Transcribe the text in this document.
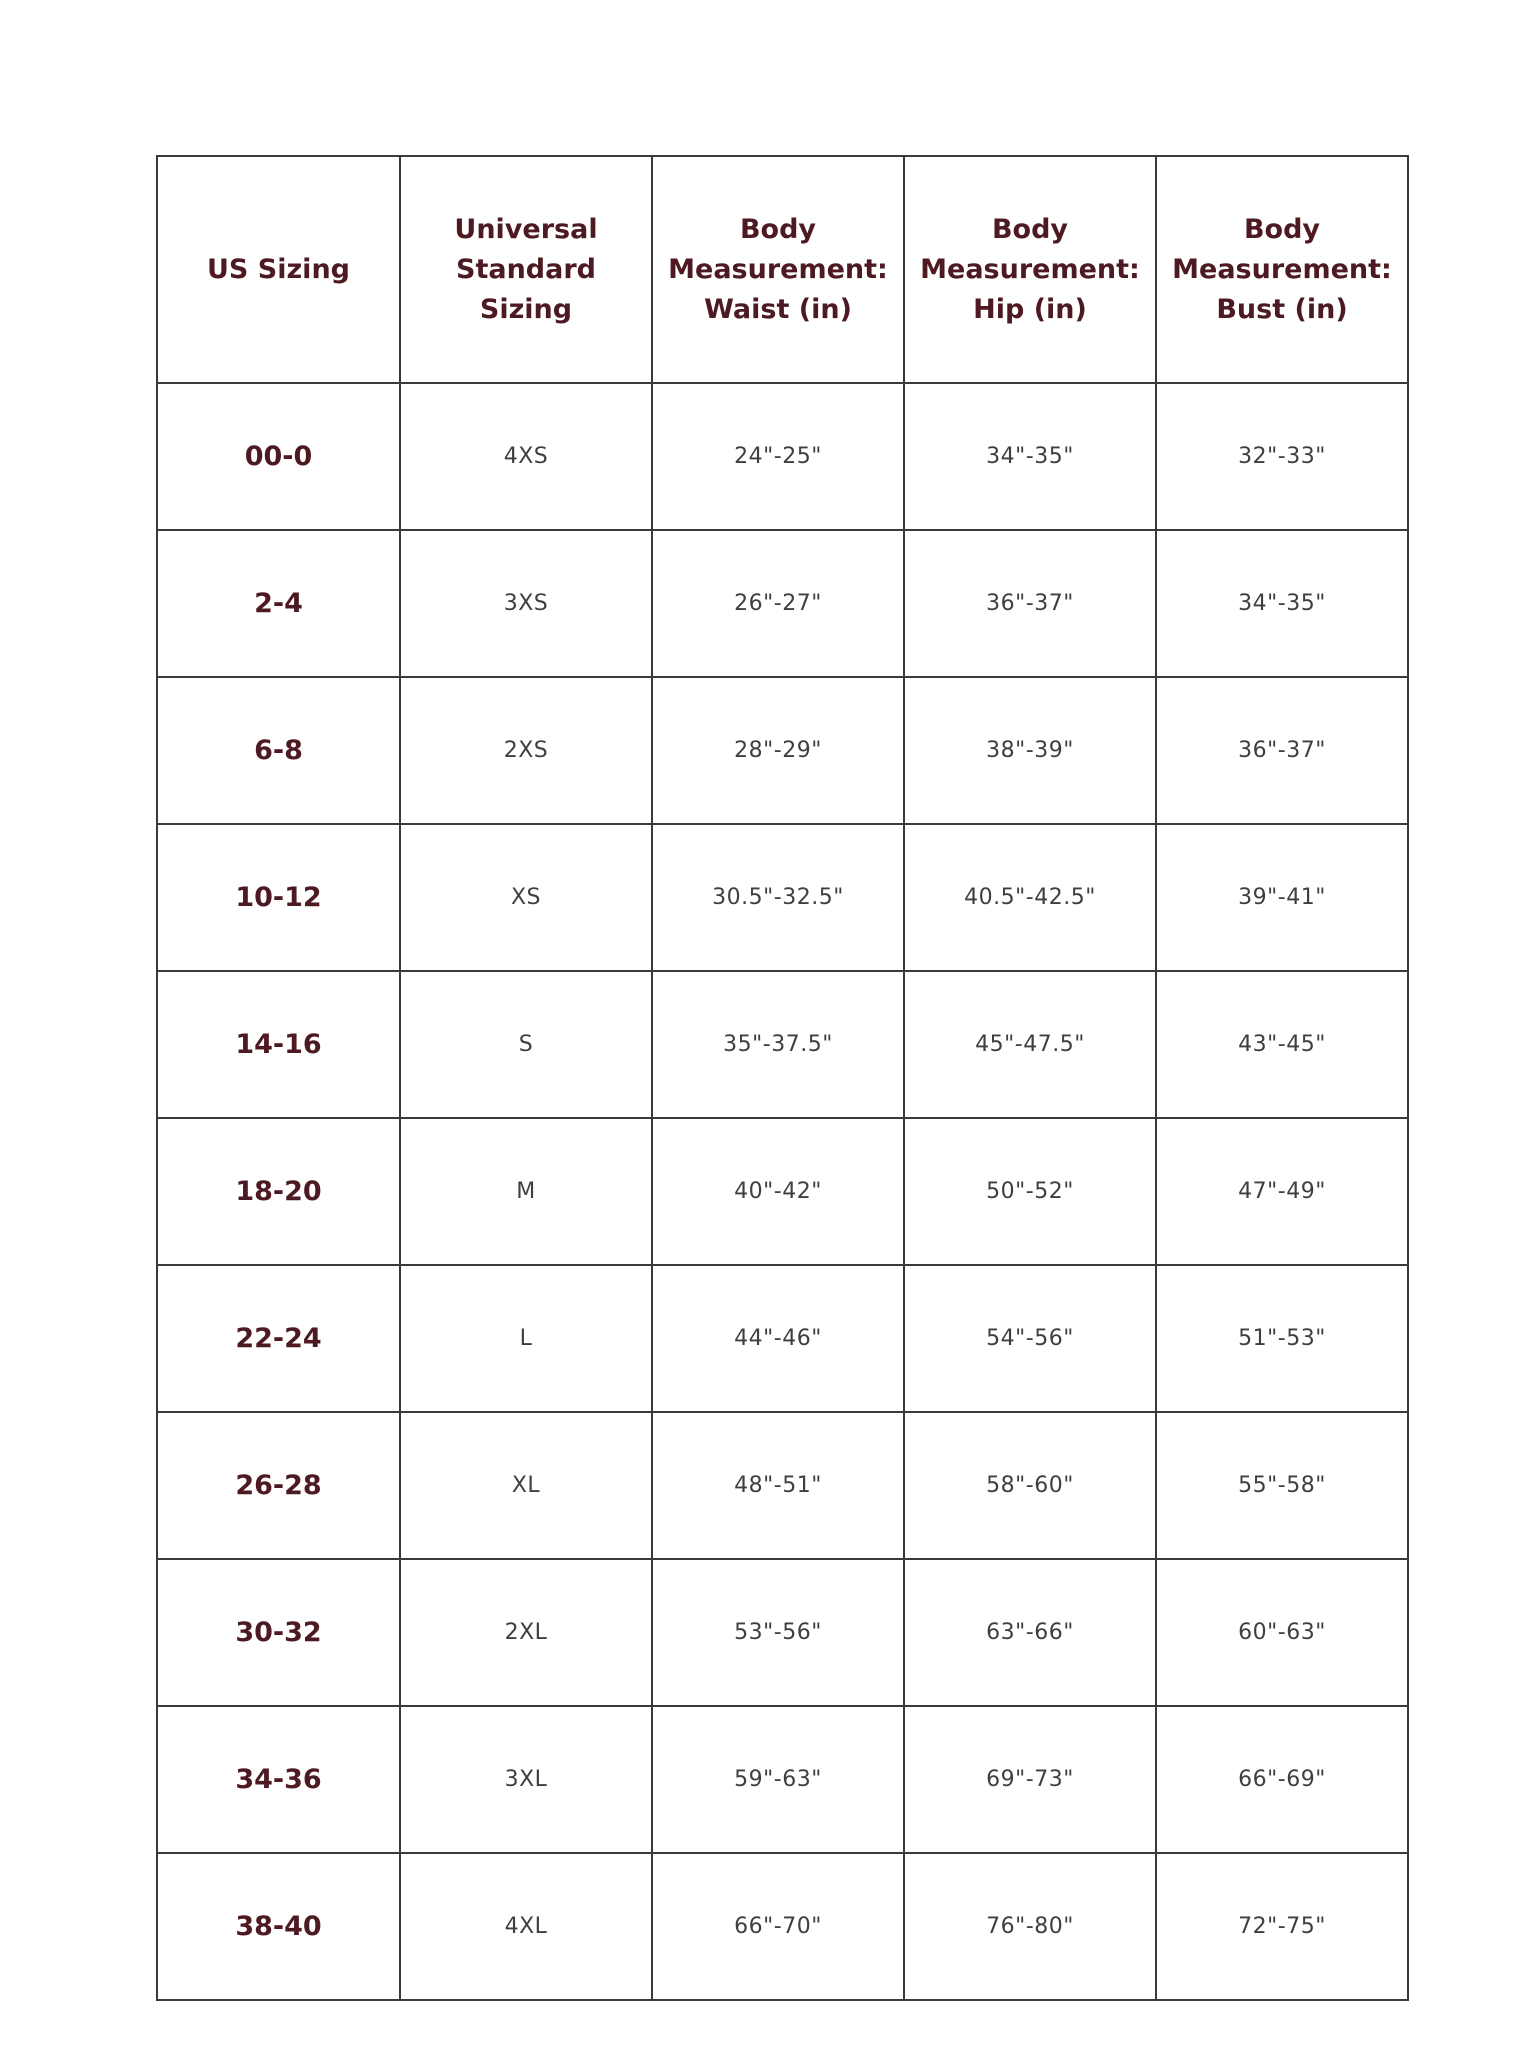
US Sizing	Universal
Standard
Sizing	Body
Measurement:
Waist (in)	Body
Measurement:
Hip (in)	Body
Measurement:
Bust (in)
00-0	4XS	24"-25"	34"-35"	32"-33"
2-4	3XS	26"-27"	36"-37"	34"-35"
6-8	2XS	28"-29"	38"-39"	36"-37"
10-12	XS	30.5"-32.5"	40.5"-42.5"	39"-41"
14-16	S	35"-37.5"	45"-47.5"	43"-45"
18-20	M	40"-42"	50"-52"	47"-49"
22-24	L	44"-46"	54"-56"	51"-53"
26-28	XL	48"-51"	58"-60"	55"-58"
30-32	2XL	53"-56"	63"-66"	60"-63"
34-36	3XL	59"-63"	69"-73"	66"-69"
38-40	4XL	66"-70"	76"-80"	72"-75"
